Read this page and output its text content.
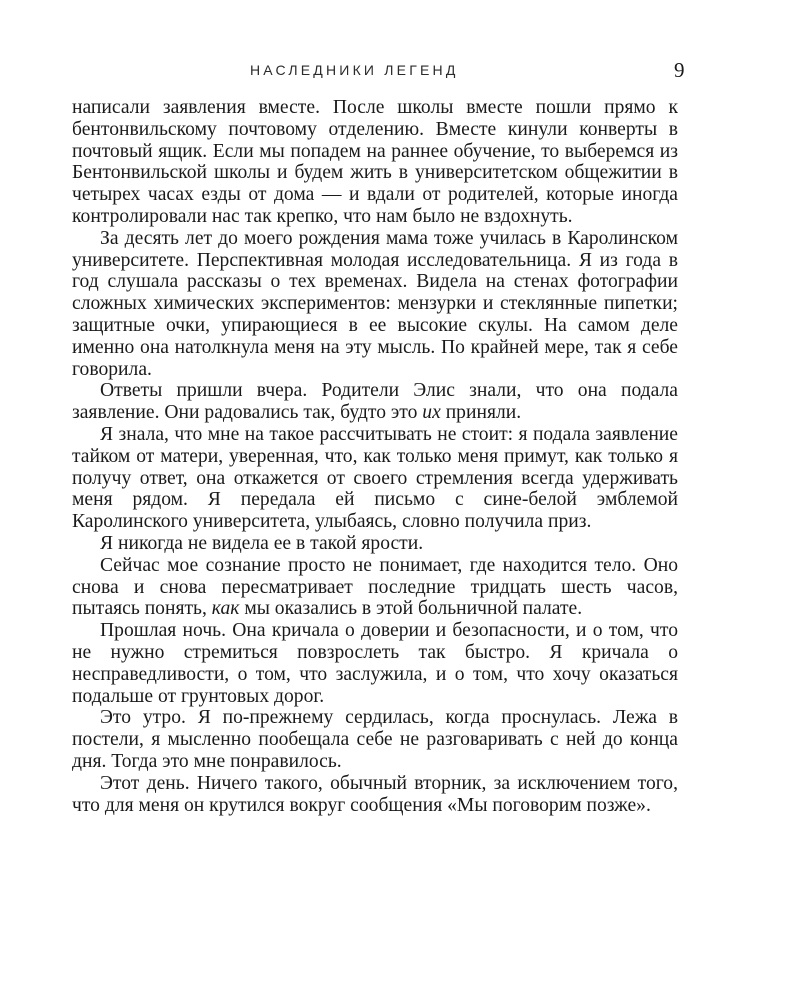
НАСЛЕДНИКИ ЛЕГЕНД	9

написали заявления вместе. После школы вместе пошли прямо к бентонвильскому почтовому отделению. Вместе кинули конверты в почтовый ящик. Если мы попадем на раннее обучение, то выберемся из Бентонвильской школы и будем жить в университетском общежитии в четырех часах езды от дома — и вдали от родителей, которые иногда контролировали нас так крепко, что нам было не вздохнуть.

За десять лет до моего рождения мама тоже училась в Каролинском университете. Перспективная молодая исследовательница. Я из года в год слушала рассказы о тех временах. Видела на стенах фотографии сложных химических экспериментов: мензурки и стеклянные пипетки; защитные очки, упирающиеся в ее высокие скулы. На самом деле именно она натолкнула меня на эту мысль. По крайней мере, так я себе говорила.

Ответы пришли вчера. Родители Элис знали, что она подала заявление. Они радовались так, будто это их приняли.

Я знала, что мне на такое рассчитывать не стоит: я подала заявление тайком от матери, уверенная, что, как только меня примут, как только я получу ответ, она откажется от своего стремления всегда удерживать меня рядом. Я передала ей письмо с сине-белой эмблемой Каролинского университета, улыбаясь, словно получила приз.

Я никогда не видела ее в такой ярости.

Сейчас мое сознание просто не понимает, где находится тело. Оно снова и снова пересматривает последние тридцать шесть часов, пытаясь понять, как мы оказались в этой больничной палате.

Прошлая ночь. Она кричала о доверии и безопасности, и о том, что не нужно стремиться повзрослеть так быстро. Я кричала о несправедливости, о том, что заслужила, и о том, что хочу оказаться подальше от грунтовых дорог.

Это утро. Я по-прежнему сердилась, когда проснулась. Лежа в постели, я мысленно пообещала себе не разговаривать с ней до конца дня. Тогда это мне понравилось.

Этот день. Ничего такого, обычный вторник, за исключением того, что для меня он крутился вокруг сообщения «Мы поговорим позже».
